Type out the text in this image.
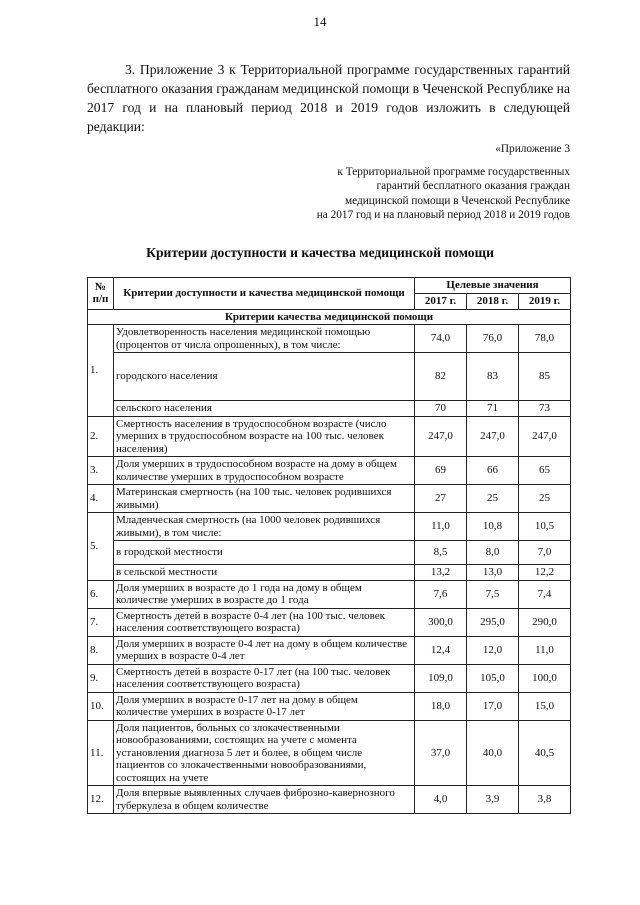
14

3. Приложение 3 к Территориальной программе государственных гарантий бесплатного оказания гражданам медицинской помощи в Чеченской Республике на 2017 год и на плановый период 2018 и 2019 годов изложить в следующей редакции:

«Приложение 3
к Территориальной программе государственных
гарантий бесплатного оказания граждан
медицинской помощи в Чеченской Республике
на 2017 год и на плановый период 2018 и 2019 годов
Критерии доступности и качества медицинской помощи
№ п/п	Критерии доступности и качества медицинской помощи	Целевые значения		
		2017 г.	2018 г.	2019 г.
Критерии качества медицинской помощи				
1.	Удовлетворенность населения медицинской помощью (процентов от числа опрошенных), в том числе:	74,0	76,0	78,0
	городского населения	82	83	85
	сельского населения	70	71	73
2.	Смертность населения в трудоспособном возрасте (число умерших в трудоспособном возрасте на 100 тыс. человек населения)	247,0	247,0	247,0
3.	Доля умерших в трудоспособном возрасте на дому в общем количестве умерших в трудоспособном возрасте	69	66	65
4.	Материнская смертность (на 100 тыс. человек родившихся живыми)	27	25	25
5.	Младенческая смертность (на 1000 человек родившихся живыми), в том числе:	11,0	10,8	10,5
	в городской местности	8,5	8,0	7,0
	в сельской местности	13,2	13,0	12,2
6.	Доля умерших в возрасте до 1 года на дому в общем количестве умерших в возрасте до 1 года	7,6	7,5	7,4
7.	Смертность детей в возрасте 0-4 лет (на 100 тыс. человек населения соответствующего возраста)	300,0	295,0	290,0
8.	Доля умерших в возрасте 0-4 лет на дому в общем количестве умерших в возрасте 0-4 лет	12,4	12,0	11,0
9.	Смертность детей в возрасте 0-17 лет (на 100 тыс. человек населения соответствующего возраста)	109,0	105,0	100,0
10.	Доля умерших в возрасте 0-17 лет на дому в общем количестве умерших в возрасте 0-17 лет	18,0	17,0	15,0
11.	Доля пациентов, больных со злокачественными новообразованиями, состоящих на учете с момента установления диагноза 5 лет и более, в общем числе пациентов со злокачественными новообразованиями, состоящих на учете	37,0	40,0	40,5
12.	Доля впервые выявленных случаев фиброзно-кавернозного туберкулеза в общем количестве	4,0	3,9	3,8
